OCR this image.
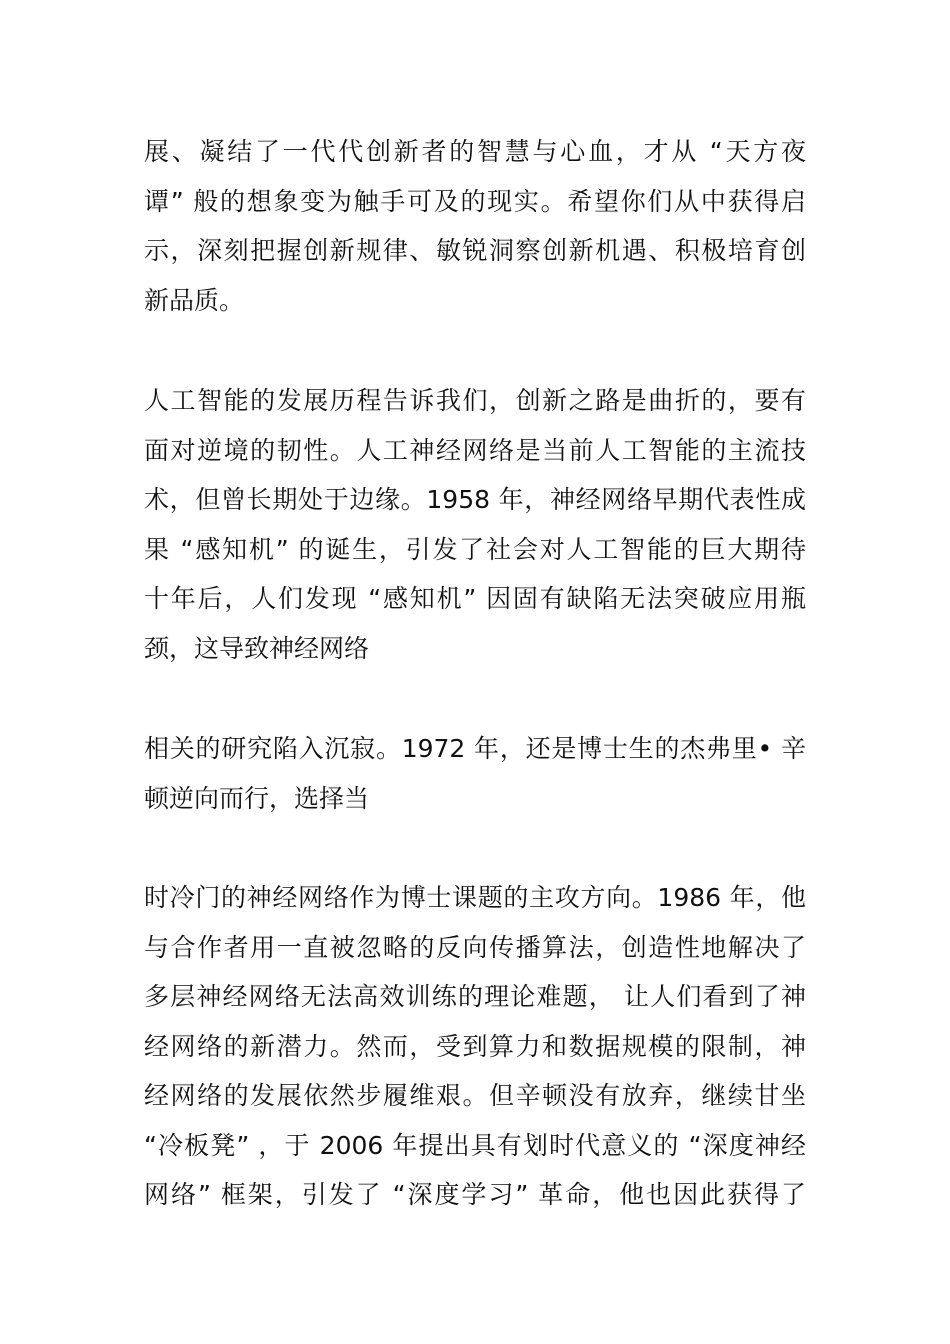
展、凝结了一代代创新者的智慧与心血，才从 “天方夜
谭” 般的想象变为触手可及的现实。希望你们从中获得启
示，深刻把握创新规律、敏锐洞察创新机遇、积极培育创
新品质。
人工智能的发展历程告诉我们，创新之路是曲折的，要有
面对逆境的韧性。人工神经网络是当前人工智能的主流技
术，但曾长期处于边缘。1958 年，神经网络早期代表性成
果 “感知机” 的诞生，引发了社会对人工智能的巨大期待
十年后，人们发现 “感知机” 因固有缺陷无法突破应用瓶
颈，这导致神经网络
相关的研究陷入沉寂。1972 年，还是博士生的杰弗里• 辛
顿逆向而行，选择当
时冷门的神经网络作为博士课题的主攻方向。1986 年，他
与合作者用一直被忽略的反向传播算法，创造性地解决了
多层神经网络无法高效训练的理论难题， 让人们看到了神
经网络的新潜力。然而，受到算力和数据规模的限制，神
经网络的发展依然步履维艰。但辛顿没有放弃，继续甘坐
“冷板凳” ，于 2006 年提出具有划时代意义的 “深度神经
网络” 框架，引发了 “深度学习” 革命，他也因此获得了
